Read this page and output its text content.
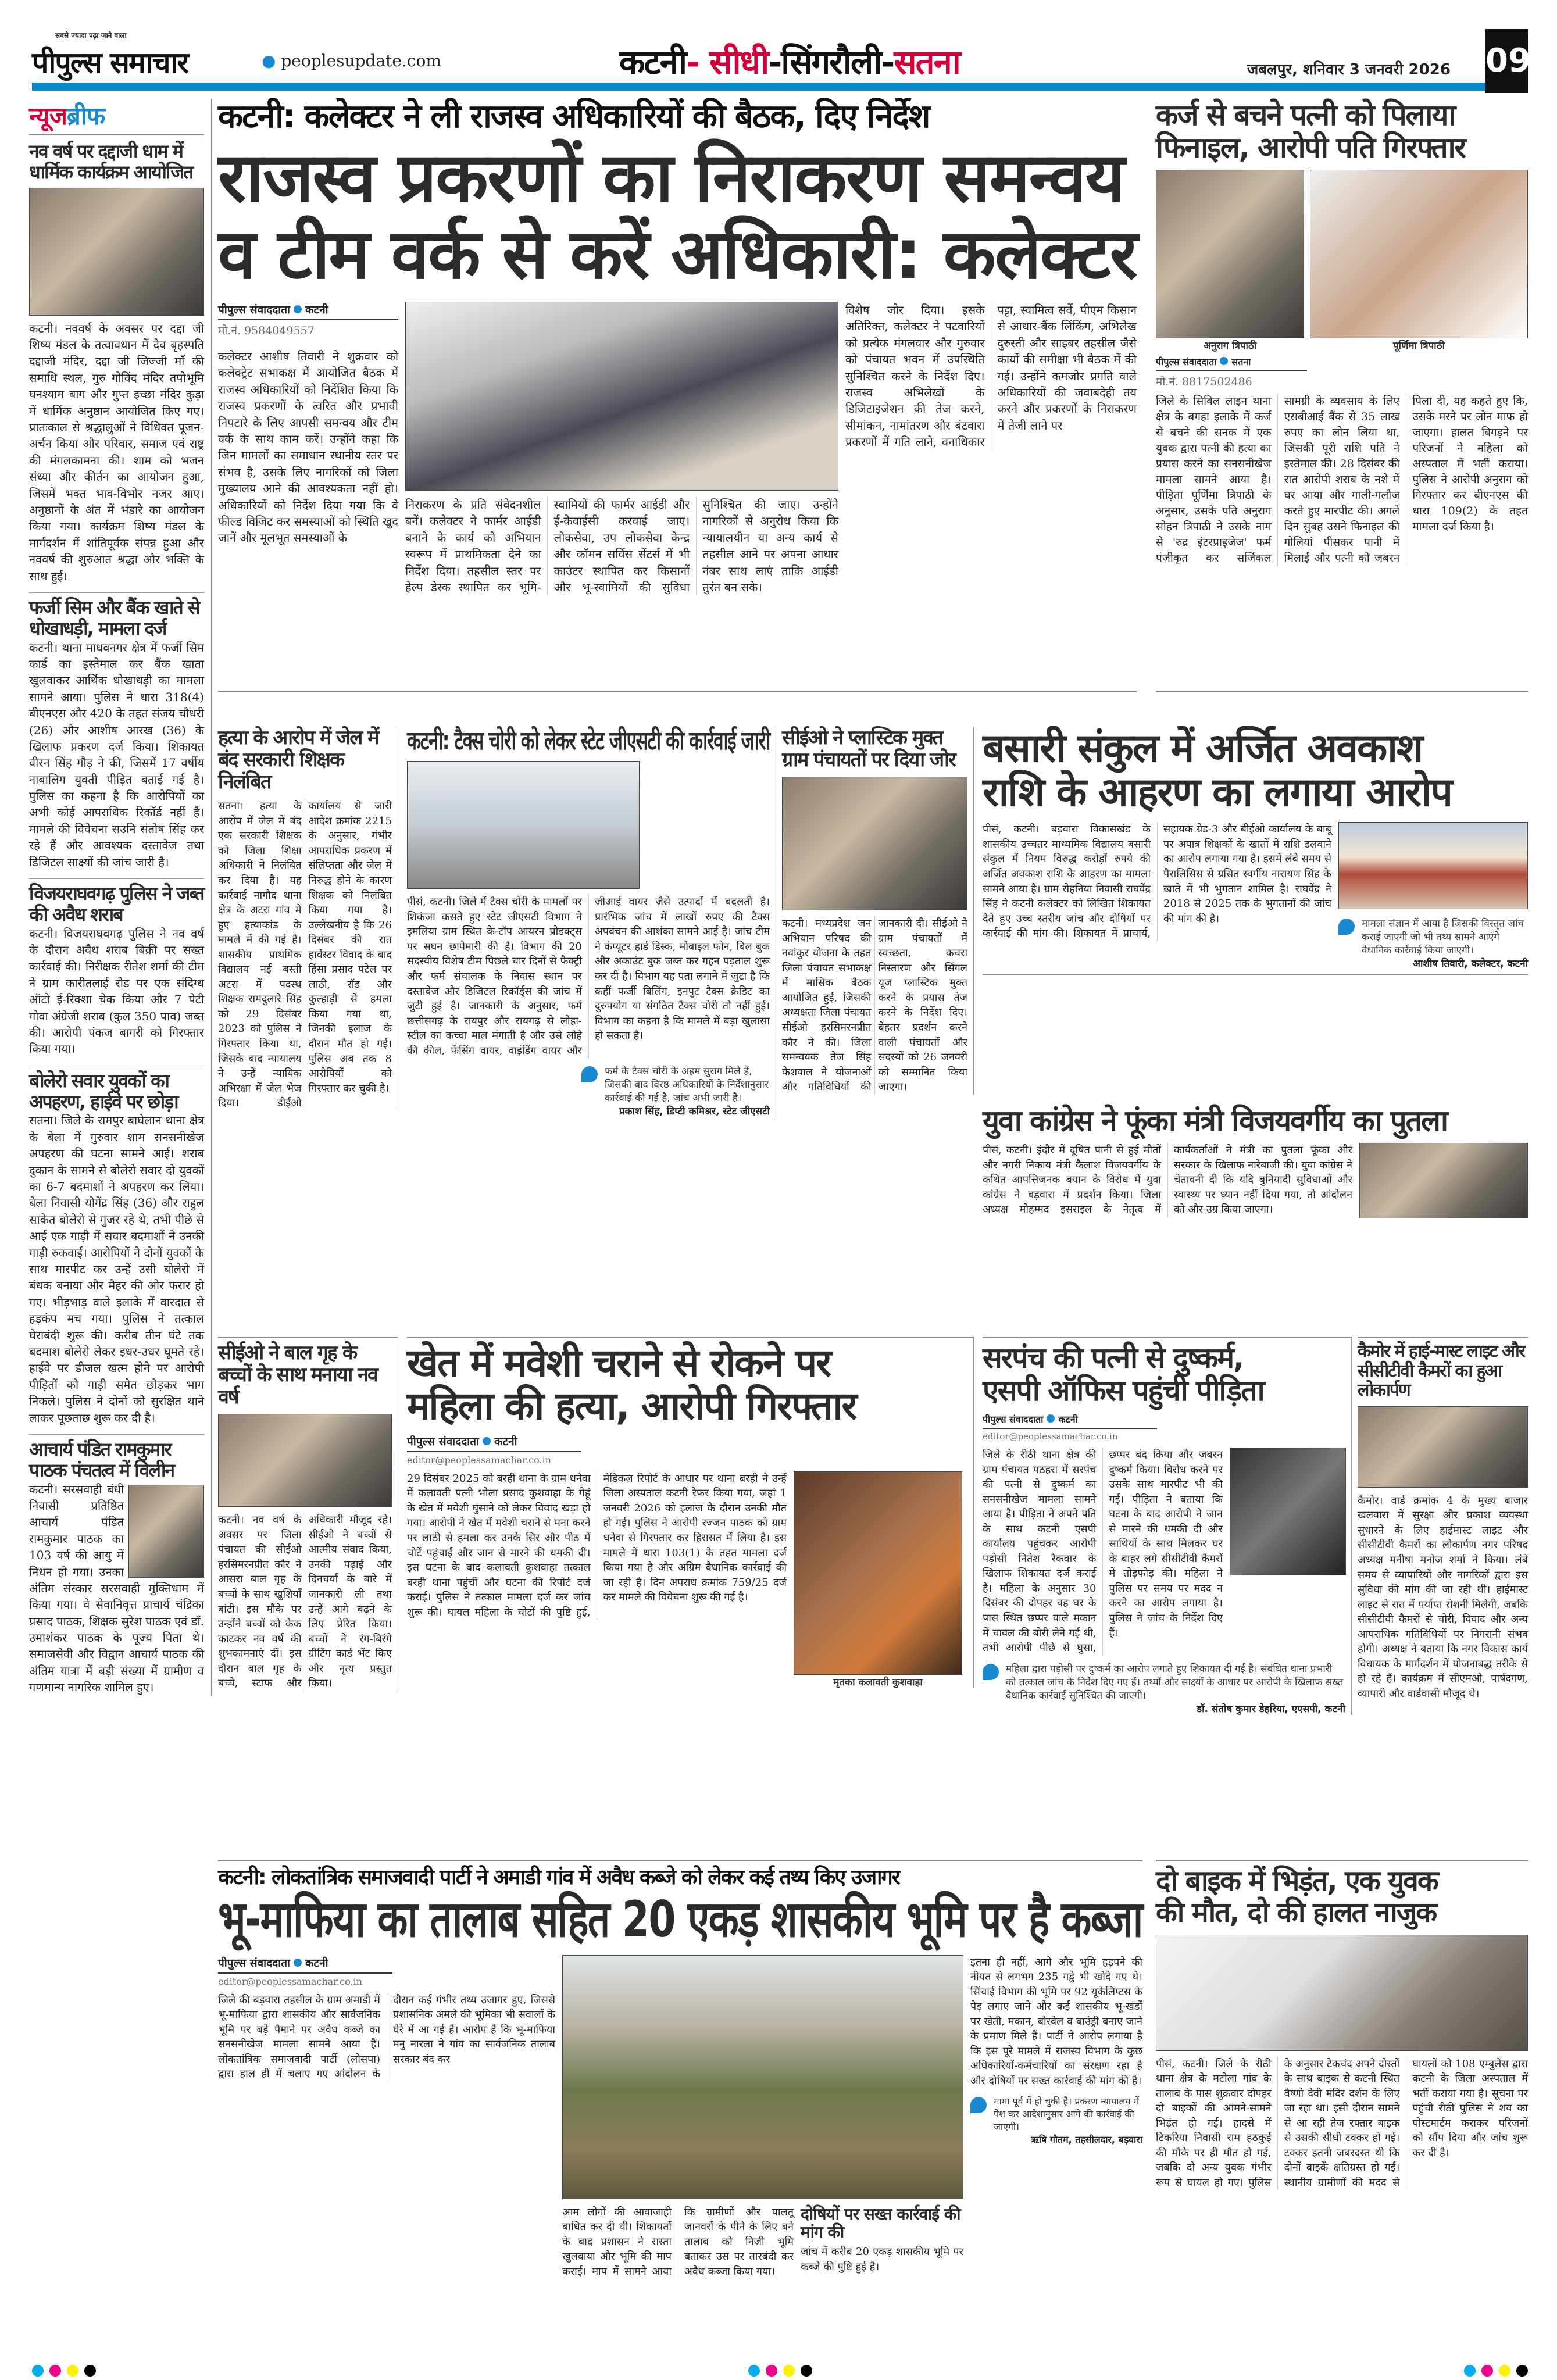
सबसे ज्यादा पढ़ा जाने वाला
पीपुल्स समाचार	● peoplesupdate.com	कटनी- सीधी-सिंगरौली-सतना	जबलपुर, शनिवार 3 जनवरी 2026	09
न्यूजब्रीफ
नव वर्ष पर दद्दाजी धाम में धार्मिक कार्यक्रम आयोजित
कटनी। नववर्ष के अवसर पर दद्दा जी शिष्य मंडल के तत्वावधान में देव बृहस्पति दद्दाजी मंदिर, दद्दा जी जिज्जी माँ की समाधि स्थल, गुरु गोविंद मंदिर तपोभूमि घनश्याम बाग और गुप्त इच्छा मंदिर कुड़ा में धार्मिक अनुष्ठान आयोजित किए गए। प्रातःकाल से श्रद्धालुओं ने विधिवत पूजन-अर्चन किया और परिवार, समाज एवं राष्ट्र की मंगलकामना की। शाम को भजन संध्या और कीर्तन का आयोजन हुआ, जिसमें भक्त भाव-विभोर नजर आए। अनुष्ठानों के अंत में भंडारे का आयोजन किया गया। कार्यक्रम शिष्य मंडल के मार्गदर्शन में शांतिपूर्वक संपन्न हुआ और नववर्ष की शुरुआत श्रद्धा और भक्ति के साथ हुई।
फर्जी सिम और बैंक खाते से धोखाधड़ी, मामला दर्ज
कटनी। थाना माधवनगर क्षेत्र में फर्जी सिम कार्ड का इस्तेमाल कर बैंक खाता खुलवाकर आर्थिक धोखाधड़ी का मामला सामने आया। पुलिस ने धारा 318(4) बीएनएस और 420 के तहत संजय चौधरी (26) और आशीष आरख (36) के खिलाफ प्रकरण दर्ज किया। शिकायत वीरन सिंह गौड़ ने की, जिसमें 17 वर्षीय नाबालिग युवती पीड़ित बताई गई है। पुलिस का कहना है कि आरोपियों का अभी कोई आपराधिक रिकॉर्ड नहीं है। मामले की विवेचना सउनि संतोष सिंह कर रहे हैं और आवश्यक दस्तावेज तथा डिजिटल साक्ष्यों की जांच जारी है।
विजयराघवगढ़ पुलिस ने जब्त की अवैध शराब
कटनी। विजयराघवगढ़ पुलिस ने नव वर्ष के दौरान अवैध शराब बिक्री पर सख्त कार्रवाई की। निरीक्षक रीतेश शर्मा की टीम ने ग्राम कारीतलाई रोड पर एक संदिग्ध ऑटो ई-रिक्शा चेक किया और 7 पेटी गोवा अंग्रेजी शराब (कुल 350 पाव) जब्त की। आरोपी पंकज बागरी को गिरफ्तार किया गया।
बोलेरो सवार युवकों का अपहरण, हाईवे पर छोड़ा
सतना। जिले के रामपुर बाघेलान थाना क्षेत्र के बेला में गुरुवार शाम सनसनीखेज अपहरण की घटना सामने आई। शराब दुकान के सामने से बोलेरो सवार दो युवकों का 6-7 बदमाशों ने अपहरण कर लिया। बेला निवासी योगेंद्र सिंह (36) और राहुल साकेत बोलेरो से गुजर रहे थे, तभी पीछे से आई एक गाड़ी में सवार बदमाशों ने उनकी गाड़ी रुकवाई। आरोपियों ने दोनों युवकों के साथ मारपीट कर उन्हें उसी बोलेरो में बंधक बनाया और मैहर की ओर फरार हो गए। भीड़भाड़ वाले इलाके में वारदात से हड़कंप मच गया। पुलिस ने तत्काल घेराबंदी शुरू की। करीब तीन घंटे तक बदमाश बोलेरो लेकर इधर-उधर घूमते रहे। हाईवे पर डीजल खत्म होने पर आरोपी पीड़ितों को गाड़ी समेत छोड़कर भाग निकले। पुलिस ने दोनों को सुरक्षित थाने लाकर पूछताछ शुरू कर दी है।
आचार्य पंडित रामकुमार पाठक पंचतत्व में विलीन
कटनी। सरसवाही बंधी निवासी प्रतिष्ठित आचार्य पंडित रामकुमार पाठक का 103 वर्ष की आयु में निधन हो गया। उनका अंतिम संस्कार सरसवाही मुक्तिधाम में किया गया। वे सेवानिवृत्त प्राचार्य चंद्रिका प्रसाद पाठक, शिक्षक सुरेश पाठक एवं डॉ. उमाशंकर पाठक के पूज्य पिता थे। समाजसेवी और विद्वान आचार्य पाठक की अंतिम यात्रा में बड़ी संख्या में ग्रामीण व गणमान्य नागरिक शामिल हुए।
कटनी: कलेक्टर ने ली राजस्व अधिकारियों की बैठक, दिए निर्देश
राजस्व प्रकरणों का निराकरण समन्वय
व टीम वर्क से करें अधिकारी: कलेक्टर
पीपुल्स संवाददाता कटनी
मो.नं. 9584049557
कलेक्टर आशीष तिवारी ने शुक्रवार को कलेक्ट्रेट सभाकक्ष में आयोजित बैठक में राजस्व अधिकारियों को निर्देशित किया कि राजस्व प्रकरणों के त्वरित और प्रभावी निपटारे के लिए आपसी समन्वय और टीम वर्क के साथ काम करें। उन्होंने कहा कि जिन मामलों का समाधान स्थानीय स्तर पर संभव है, उसके लिए नागरिकों को जिला मुख्यालय आने की आवश्यकता नहीं हो। अधिकारियों को निर्देश दिया गया कि वे फील्ड विजिट कर समस्याओं को स्थिति खुद जानें और मूलभूत समस्याओं के
निराकरण के प्रति संवेदनशील बनें। कलेक्टर ने फार्मर आईडी बनाने के कार्य को अभियान स्वरूप में प्राथमिकता देने का निर्देश दिया। तहसील स्तर पर हेल्प डेस्क स्थापित कर भूमि-स्वामियों की फार्मर आईडी और ई-केवाईसी करवाई जाए। लोकसेवा, उप लोकसेवा केन्द्र और कॉमन सर्विस सेंटर्स में भी काउंटर स्थापित कर किसानों और भू-स्वामियों की सुविधा सुनिश्चित की जाए। उन्होंने नागरिकों से अनुरोध किया कि न्यायालयीन या अन्य कार्य से तहसील आने पर अपना आधार नंबर साथ लाएं ताकि आईडी तुरंत बन सके।
विशेष जोर दिया। इसके अतिरिक्त, कलेक्टर ने पटवारियों को प्रत्येक मंगलवार और गुरुवार को पंचायत भवन में उपस्थिति सुनिश्चित करने के निर्देश दिए। राजस्व अभिलेखों के डिजिटाइजेशन की तेज करने, सीमांकन, नामांतरण और बंटवारा प्रकरणों में गति लाने, वनाधिकार पट्टा, स्वामित्व सर्वे, पीएम किसान से आधार-बैंक लिंकिंग, अभिलेख दुरुस्ती और साइबर तहसील जैसे कार्यों की समीक्षा भी बैठक में की गई। उन्होंने कमजोर प्रगति वाले अधिकारियों की जवाबदेही तय करने और प्रकरणों के निराकरण में तेजी लाने पर
कर्ज से बचने पत्नी को पिलाया
फिनाइल, आरोपी पति गिरफ्तार
अनुराग त्रिपाठी	पूर्णिमा त्रिपाठी
पीपुल्स संवाददाता सतना
मो.नं. 8817502486
जिले के सिविल लाइन थाना क्षेत्र के बगहा इलाके में कर्ज से बचने की सनक में एक युवक द्वारा पत्नी की हत्या का प्रयास करने का सनसनीखेज मामला सामने आया है। पीड़िता पूर्णिमा त्रिपाठी के अनुसार, उसके पति अनुराग सोहन त्रिपाठी ने उसके नाम से 'रुद्र इंटरप्राइजेज' फर्म पंजीकृत कर सर्जिकल सामग्री के व्यवसाय के लिए एसबीआई बैंक से 35 लाख रुपए का लोन लिया था, जिसकी पूरी राशि पति ने इस्तेमाल की। 28 दिसंबर की रात आरोपी शराब के नशे में घर आया और गाली-गलौज करते हुए मारपीट की। अगले दिन सुबह उसने फिनाइल की गोलियां पीसकर पानी में मिलाईं और पत्नी को जबरन पिला दी, यह कहते हुए कि, उसके मरने पर लोन माफ हो जाएगा। हालत बिगड़ने पर परिजनों ने महिला को अस्पताल में भर्ती कराया। पुलिस ने आरोपी अनुराग को गिरफ्तार कर बीएनएस की धारा 109(2) के तहत मामला दर्ज किया है।
हत्या के आरोप में जेल में बंद सरकारी शिक्षक निलंबित
सतना। हत्या के आरोप में जेल में बंद एक सरकारी शिक्षक को जिला शिक्षा अधिकारी ने निलंबित कर दिया है। यह कार्रवाई नागौद थाना क्षेत्र के अटरा गांव में हुए हत्याकांड के मामले में की गई है। शासकीय प्राथमिक विद्यालय नई बस्ती अटरा में पदस्थ शिक्षक रामदुलारे सिंह को 29 दिसंबर 2023 को पुलिस ने गिरफ्तार किया था, जिसके बाद न्यायालय ने उन्हें न्यायिक अभिरक्षा में जेल भेज दिया। डीईओ कार्यालय से जारी आदेश क्रमांक 2215 के अनुसार, गंभीर आपराधिक प्रकरण में संलिप्तता और जेल में निरुद्ध होने के कारण शिक्षक को निलंबित किया गया है। उल्लेखनीय है कि 26 दिसंबर की रात हार्वेस्टर विवाद के बाद हिंसा प्रसाद पटेल पर लाठी, रॉड और कुल्हाड़ी से हमला किया गया था, जिनकी इलाज के दौरान मौत हो गई। पुलिस अब तक 8 आरोपियों को गिरफ्तार कर चुकी है।
कटनी: टैक्स चोरी को लेकर स्टेट जीएसटी की कार्रवाई जारी
पीसं, कटनी। जिले में टैक्स चोरी के मामलों पर शिकंजा कसते हुए स्टेट जीएसटी विभाग ने इमलिया ग्राम स्थित के-टॉप आयरन प्रोडक्ट्स पर सघन छापेमारी की है। विभाग की 20 सदस्यीय विशेष टीम पिछले चार दिनों से फैक्ट्री और फर्म संचालक के निवास स्थान पर दस्तावेज और डिजिटल रिकॉर्ड्स की जांच में जुटी हुई है। जानकारी के अनुसार, फर्म छत्तीसगढ़ के रायपुर और रायगढ़ से लोहा-स्टील का कच्चा माल मंगाती है और उसे लोहे की कील, फेंसिंग वायर, वाइंडिंग वायर और जीआई वायर जैसे उत्पादों में बदलती है। प्रारंभिक जांच में लाखों रुपए की टैक्स अपवंचन की आशंका सामने आई है। जांच टीम ने कंप्यूटर हार्ड डिस्क, मोबाइल फोन, बिल बुक और अकाउंट बुक जब्त कर गहन पड़ताल शुरू कर दी है। विभाग यह पता लगाने में जुटा है कि कहीं फर्जी बिलिंग, इनपुट टैक्स क्रेडिट का दुरुपयोग या संगठित टैक्स चोरी तो नहीं हुई। विभाग का कहना है कि मामले में बड़ा खुलासा हो सकता है।
फर्म के टैक्स चोरी के अहम सुराग मिले हैं, जिसकी बाद विरष्ठ अधिकारियों के निर्देशानुसार कार्रवाई की गई है, जांच अभी जारी है।
प्रकाश सिंह, डिप्टी कमिश्नर, स्टेट जीएसटी
सीईओ ने प्लास्टिक मुक्त ग्राम पंचायतों पर दिया जोर
कटनी। मध्यप्रदेश जन अभियान परिषद की नवांकुर योजना के तहत जिला पंचायत सभाकक्ष में मासिक बैठक आयोजित हुई, जिसकी अध्यक्षता जिला पंचायत सीईओ हरसिमरनप्रीत कौर ने की। जिला समन्वयक तेज सिंह केशवाल ने योजनाओं और गतिविधियों की जानकारी दी। सीईओ ने ग्राम पंचायतों में स्वच्छता, कचरा निस्तारण और सिंगल यूज प्लास्टिक मुक्त करने के प्रयास तेज करने के निर्देश दिए। बेहतर प्रदर्शन करने वाली पंचायतों और सदस्यों को 26 जनवरी को सम्मानित किया जाएगा।
बसारी संकुल में अर्जित अवकाश
राशि के आहरण का लगाया आरोप
पीसं, कटनी। बड़वारा विकासखंड के शासकीय उच्चतर माध्यमिक विद्यालय बसारी संकुल में नियम विरुद्ध करोड़ों रुपये की अर्जित अवकाश राशि के आहरण का मामला सामने आया है। ग्राम रोहनिया निवासी राघवेंद्र सिंह ने कटनी कलेक्टर को लिखित शिकायत देते हुए उच्च स्तरीय जांच और दोषियों पर कार्रवाई की मांग की। शिकायत में प्राचार्य, सहायक ग्रेड-3 और बीईओ कार्यालय के बाबू पर अपात्र शिक्षकों के खातों में राशि डलवाने का आरोप लगाया गया है। इसमें लंबे समय से पैरालिसिस से ग्रसित स्वर्गीय नारायण सिंह के खाते में भी भुगतान शामिल है। राघवेंद्र ने 2018 से 2025 तक के भुगतानों की जांच की मांग की है।	मामला संज्ञान में आया है जिसकी विस्तृत जांच कराई जाएगी जो भी तथ्य सामने आएंगे वैधानिक कार्रवाई किया जाएगी।
आशीष तिवारी, कलेक्टर, कटनी
युवा कांग्रेस ने फूंका मंत्री विजयवर्गीय का पुतला
पीसं, कटनी। इंदौर में दूषित पानी से हुई मौतों और नगरी निकाय मंत्री कैलाश विजयवर्गीय के कथित आपत्तिजनक बयान के विरोध में युवा कांग्रेस ने बड़वारा में प्रदर्शन किया। जिला अध्यक्ष मोहम्मद इसराइल के नेतृत्व में कार्यकर्ताओं ने मंत्री का पुतला फूंका और सरकार के खिलाफ नारेबाजी की। युवा कांग्रेस ने चेतावनी दी कि यदि बुनियादी सुविधाओं और स्वास्थ्य पर ध्यान नहीं दिया गया, तो आंदोलन को और उग्र किया जाएगा।
सीईओ ने बाल गृह के बच्चों के साथ मनाया नव वर्ष
कटनी। नव वर्ष के अवसर पर जिला पंचायत की सीईओ हरसिमरनप्रीत कौर ने आसरा बाल गृह के बच्चों के साथ खुशियाँ बांटी। इस मौके पर उन्होंने बच्चों को केक काटकर नव वर्ष की शुभकामनाएं दीं। इस दौरान बाल गृह के बच्चे, स्टाफ और अधिकारी मौजूद रहे। सीईओ ने बच्चों से आत्मीय संवाद किया, उनकी पढ़ाई और दिनचर्या के बारे में जानकारी ली तथा उन्हें आगे बढ़ने के लिए प्रेरित किया। बच्चों ने रंग-बिरंगे ग्रीटिंग कार्ड भेंट किए और नृत्य प्रस्तुत किया।
खेत में मवेशी चराने से रोकने पर
महिला की हत्या, आरोपी गिरफ्तार
पीपुल्स संवाददाता कटनी
editor@peoplessamachar.co.in
29 दिसंबर 2025 को बरही थाना के ग्राम धनेवा में कलावती पत्नी भोला प्रसाद कुशवाहा के गेहूं के खेत में मवेशी घुसाने को लेकर विवाद खड़ा हो गया। आरोपी ने खेत में मवेशी चराने से मना करने पर लाठी से हमला कर उनके सिर और पीठ में चोटें पहुंचाईं और जान से मारने की धमकी दी। इस घटना के बाद कलावती कुशवाहा तत्काल बरही थाना पहुंचीं और घटना की रिपोर्ट दर्ज कराई। पुलिस ने तत्काल मामला दर्ज कर जांच शुरू की। घायल महिला के चोटों की पुष्टि हुई, मेडिकल रिपोर्ट के आधार पर थाना बरही ने उन्हें जिला अस्पताल कटनी रेफर किया गया, जहां 1 जनवरी 2026 को इलाज के दौरान उनकी मौत हो गई। पुलिस ने आरोपी रज्जन पाठक को ग्राम धनेवा से गिरफ्तार कर हिरासत में लिया है। इस मामले में धारा 103(1) के तहत मामला दर्ज किया गया है और अग्रिम वैधानिक कार्रवाई की जा रही है। दिन अपराध क्रमांक 759/25 दर्ज कर मामले की विवेचना शुरू की गई है।
मृतका कलावती कुशवाहा
सरपंच की पत्नी से दुष्कर्म,
एसपी ऑफिस पहुंची पीड़िता
पीपुल्स संवाददाता कटनी
editor@peoplessamachar.co.in
जिले के रीठी थाना क्षेत्र की ग्राम पंचायत पठहरा में सरपंच की पत्नी से दुष्कर्म का सनसनीखेज मामला सामने आया है। पीड़िता ने अपने पति के साथ कटनी एसपी कार्यालय पहुंचकर आरोपी पड़ोसी नितेश रैकवार के खिलाफ शिकायत दर्ज कराई है। महिला के अनुसार 30 दिसंबर की दोपहर वह घर के पास स्थित छप्पर वाले मकान में चावल की बोरी लेने गई थी, तभी आरोपी पीछे से घुसा, छप्पर बंद किया और जबरन दुष्कर्म किया। विरोध करने पर उसके साथ मारपीट भी की गई। पीड़िता ने बताया कि घटना के बाद आरोपी ने जान से मारने की धमकी दी और साथियों के साथ मिलकर घर के बाहर लगे सीसीटीवी कैमरों में तोड़फोड़ की। महिला ने पुलिस पर समय पर मदद न करने का आरोप लगाया है। पुलिस ने जांच के निर्देश दिए हैं।
महिला द्वारा पड़ोसी पर दुष्कर्म का आरोप लगाते हुए शिकायत दी गई है। संबंधित थाना प्रभारी को तत्काल जांच के निर्देश दिए गए हैं। तथ्यों और साक्ष्यों के आधार पर आरोपी के खिलाफ सख्त वैधानिक कार्रवाई सुनिश्चित की जाएगी।
डॉ. संतोष कुमार डेहरिया, एएसपी, कटनी
कैमोर में हाई-मास्ट लाइट और सीसीटीवी कैमरों का हुआ लोकार्पण
कैमोर। वार्ड क्रमांक 4 के मुख्य बाजार खलवारा में सुरक्षा और प्रकाश व्यवस्था सुधारने के लिए हाईमास्ट लाइट और सीसीटीवी कैमरों का लोकार्पण नगर परिषद अध्यक्ष मनीषा मनोज शर्मा ने किया। लंबे समय से व्यापारियों और नागरिकों द्वारा इस सुविधा की मांग की जा रही थी। हाईमास्ट लाइट से रात में पर्याप्त रोशनी मिलेगी, जबकि सीसीटीवी कैमरों से चोरी, विवाद और अन्य आपराधिक गतिविधियों पर निगरानी संभव होगी। अध्यक्ष ने बताया कि नगर विकास कार्य विधायक के मार्गदर्शन में योजनाबद्ध तरीके से हो रहे हैं। कार्यक्रम में सीएमओ, पार्षदगण, व्यापारी और वार्डवासी मौजूद थे।
कटनी: लोकतांत्रिक समाजवादी पार्टी ने अमाडी गांव में अवैध कब्जे को लेकर कई तथ्य किए उजागर
भू-माफिया का तालाब सहित 20 एकड़ शासकीय भूमि पर है कब्जा
पीपुल्स संवाददाता कटनी
editor@peoplessamachar.co.in
जिले की बड़वारा तहसील के ग्राम अमाडी में भू-माफिया द्वारा शासकीय और सार्वजनिक भूमि पर बड़े पैमाने पर अवैध कब्जे का सनसनीखेज मामला सामने आया है। लोकतांत्रिक समाजवादी पार्टी (लोसपा) द्वारा हाल ही में चलाए गए आंदोलन के दौरान कई गंभीर तथ्य उजागर हुए, जिससे प्रशासनिक अमले की भूमिका भी सवालों के घेरे में आ गई है। आरोप है कि भू-माफिया मनु नारला ने गांव का सार्वजनिक तालाब सरकार बंद कर
आम लोगों की आवाजाही बाधित कर दी थी। शिकायतों के बाद प्रशासन ने रास्ता खुलवाया और भूमि की माप कराई। माप में सामने आया कि ग्रामीणों और पालतू जानवरों के पीने के लिए बने तालाब को निजी भूमि बताकर उस पर तारबंदी कर अवैध कब्जा किया गया।
दोषियों पर सख्त कार्रवाई की मांग की
जांच में करीब 20 एकड़ शासकीय भूमि पर कब्जे की पुष्टि हुई है।
इतना ही नहीं, आगे और भूमि हड़पने की नीयत से लगभग 235 गड्ढे भी खोदे गए थे। सिंचाई विभाग की भूमि पर 92 यूकेलिप्टस के पेड़ लगाए जाने और कई शासकीय भू-खंडों पर खेती, मकान, बोरवेल व बाउंड्री बनाए जाने के प्रमाण मिले हैं। पार्टी ने आरोप लगाया है कि इस पूरे मामले में राजस्व विभाग के कुछ अधिकारियों-कर्मचारियों का संरक्षण रहा है और दोषियों पर सख्त कार्रवाई की मांग की है।
मामा पूर्व में हो चुकी है। प्रकरण न्यायालय में पेश कर आदेशानुसार आगे की कार्रवाई की जाएगी।
ऋषि गौतम, तहसीलदार, बड़वारा
दो बाइक में भिड़ंत, एक युवक
की मौत, दो की हालत नाजुक
पीसं, कटनी। जिले के रीठी थाना क्षेत्र के मटोला गांव के तालाब के पास शुक्रवार दोपहर दो बाइकों की आमने-सामने भिड़ंत हो गई। हादसे में टिकरिया निवासी राम हठकुई की मौके पर ही मौत हो गई, जबकि दो अन्य युवक गंभीर रूप से घायल हो गए। पुलिस के अनुसार टेकचंद अपने दोस्तों के साथ बाइक से कटनी स्थित वैष्णो देवी मंदिर दर्शन के लिए जा रहा था। इसी दौरान सामने से आ रही तेज रफ्तार बाइक से उसकी सीधी टक्कर हो गई। टक्कर इतनी जबरदस्त थी कि दोनों बाइकें क्षतिग्रस्त हो गईं। स्थानीय ग्रामीणों की मदद से घायलों को 108 एम्बुलेंस द्वारा कटनी के जिला अस्पताल में भर्ती कराया गया है। सूचना पर पहुंची रीठी पुलिस ने शव का पोस्टमार्टम कराकर परिजनों को सौंप दिया और जांच शुरू कर दी है।
